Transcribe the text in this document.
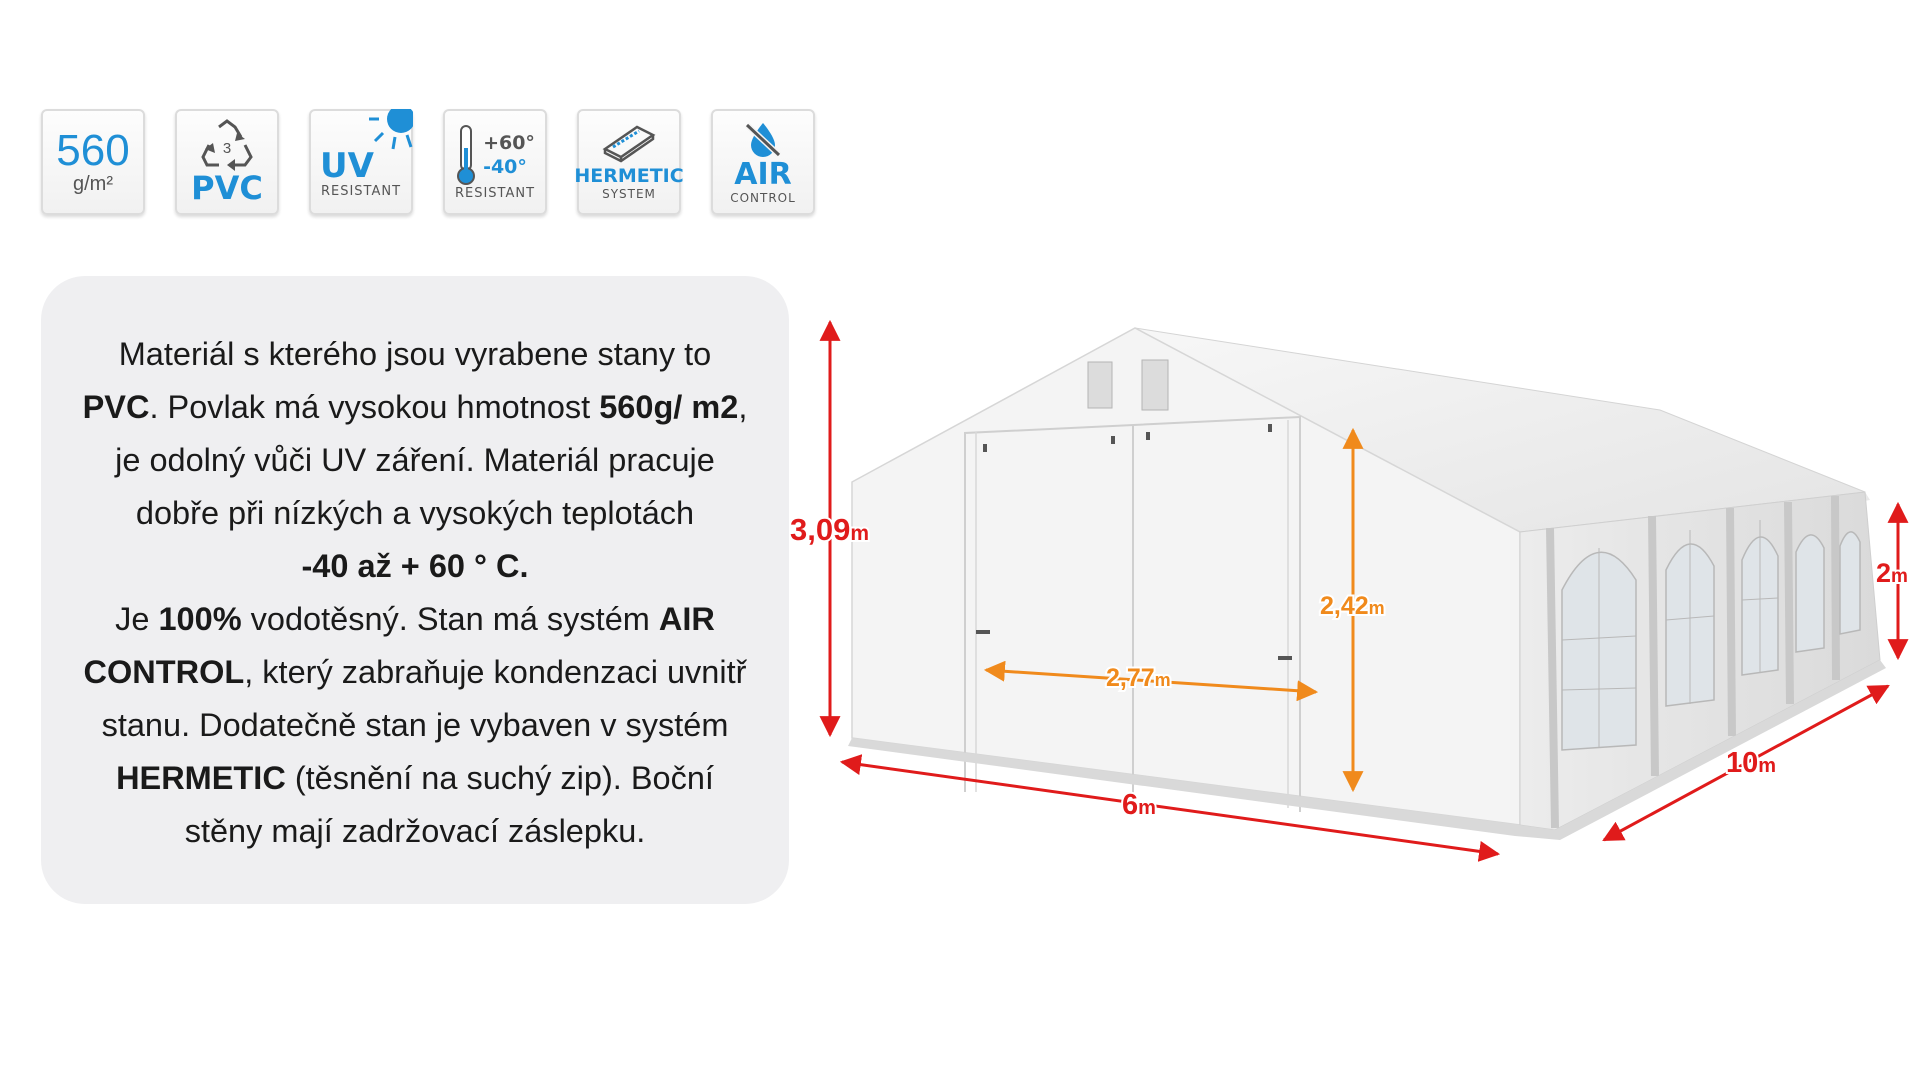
560
g/m²
3
PVC
UV
RESISTANT
+60°
-40°
RESISTANT
HERMETIC
SYSTEM
AIR
CONTROL

Materiál s kterého jsou vyrabene stany to
PVC. Povlak má vysokou hmotnost 560g/ m2,
je odolný vůči UV záření. Materiál pracuje
dobře při nízkých a vysokých teplotách
-40 až + 60 ° C.
Je 100% vodotěsný. Stan má systém AIR
CONTROL, který zabraňuje kondenzaci uvnitř
stanu. Dodatečně stan je vybaven v systém
HERMETIC (těsnění na suchý zip). Boční
stěny mají zadržovací záslepku.

3,09m
2m
2,42m
2,77m
6m
10m
